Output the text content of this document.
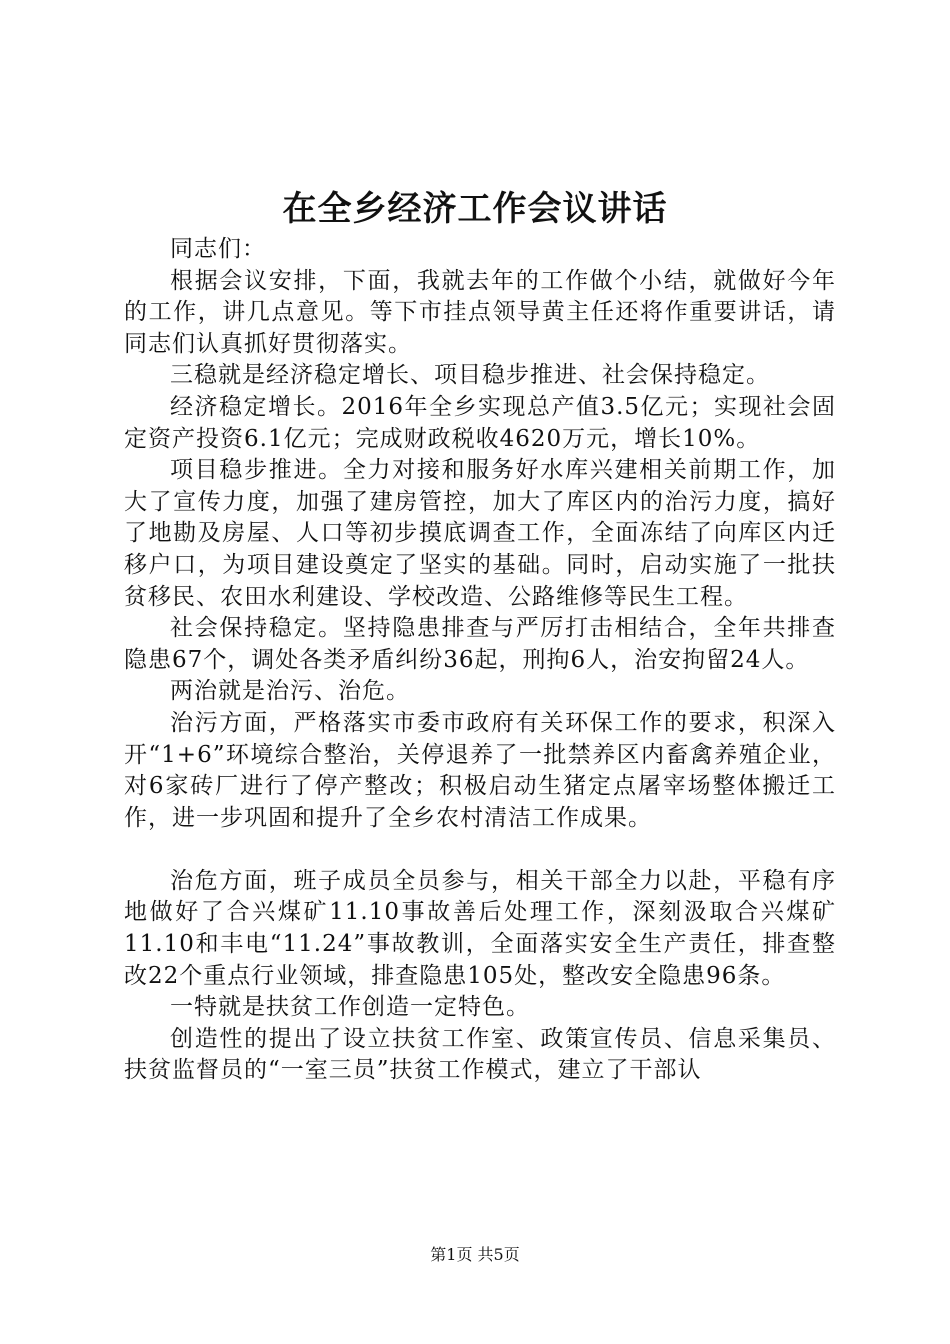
在全乡经济工作会议讲话

同志们：

根据会议安排，下面，我就去年的工作做个小结，就做好今年的工作，讲几点意见。等下市挂点领导黄主任还将作重要讲话，请同志们认真抓好贯彻落实。

三稳就是经济稳定增长、项目稳步推进、社会保持稳定。

经济稳定增长。2016年全乡实现总产值3.5亿元；实现社会固定资产投资6.1亿元；完成财政税收4620万元，增长10%。

项目稳步推进。全力对接和服务好水库兴建相关前期工作，加大了宣传力度，加强了建房管控，加大了库区内的治污力度，搞好了地勘及房屋、人口等初步摸底调查工作，全面冻结了向库区内迁移户口，为项目建设奠定了坚实的基础。同时，启动实施了一批扶贫移民、农田水利建设、学校改造、公路维修等民生工程。

社会保持稳定。坚持隐患排查与严厉打击相结合，全年共排查隐患67个，调处各类矛盾纠纷36起，刑拘6人，治安拘留24人。

两治就是治污、治危。

治污方面，严格落实市委市政府有关环保工作的要求，积深入开“1+6”环境综合整治，关停退养了一批禁养区内畜禽养殖企业，对6家砖厂进行了停产整改；积极启动生猪定点屠宰场整体搬迁工作，进一步巩固和提升了全乡农村清洁工作成果。

治危方面，班子成员全员参与，相关干部全力以赴，平稳有序地做好了合兴煤矿11.10事故善后处理工作，深刻汲取合兴煤矿11.10和丰电“11.24”事故教训，全面落实安全生产责任，排查整改22个重点行业领域，排查隐患105处，整改安全隐患96条。

一特就是扶贫工作创造一定特色。

创造性的提出了设立扶贫工作室、政策宣传员、信息采集员、扶贫监督员的“一室三员”扶贫工作模式，建立了干部认

第1页 共5页
